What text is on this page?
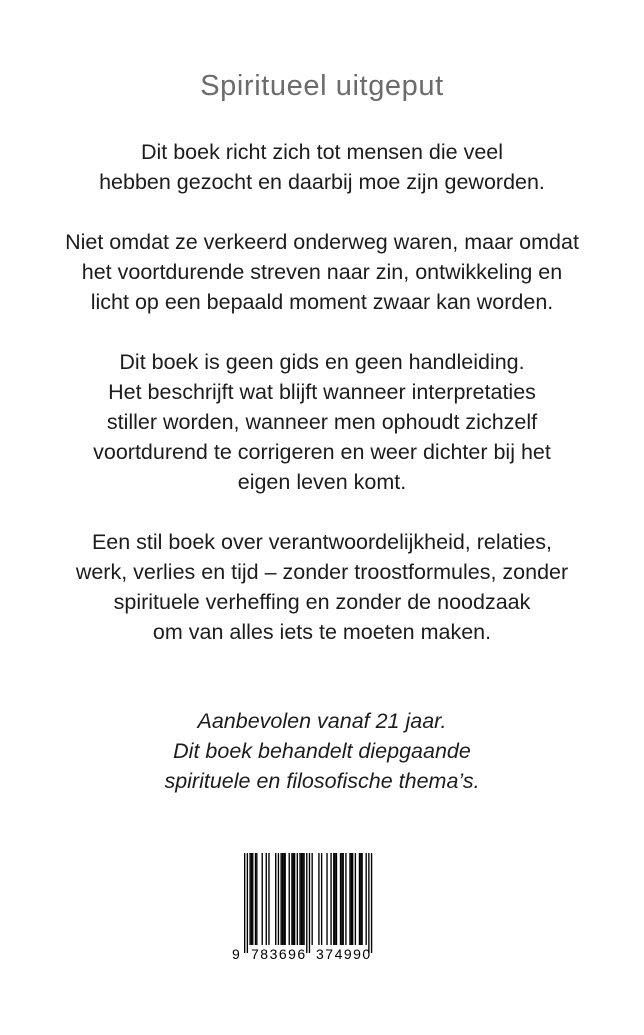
Spiritueel uitgeput

Dit boek richt zich tot mensen die veel
hebben gezocht en daarbij moe zijn geworden.

Niet omdat ze verkeerd onderweg waren, maar omdat
het voortdurende streven naar zin, ontwikkeling en
licht op een bepaald moment zwaar kan worden.

Dit boek is geen gids en geen handleiding.
Het beschrijft wat blijft wanneer interpretaties
stiller worden, wanneer men ophoudt zichzelf
voortdurend te corrigeren en weer dichter bij het
eigen leven komt.

Een stil boek over verantwoordelijkheid, relaties,
werk, verlies en tijd – zonder troostformules, zonder
spirituele verheffing en zonder de noodzaak
om van alles iets te moeten maken.

Aanbevolen vanaf 21 jaar.
Dit boek behandelt diepgaande
spirituele en filosofische thema’s.

9

783696

374990
